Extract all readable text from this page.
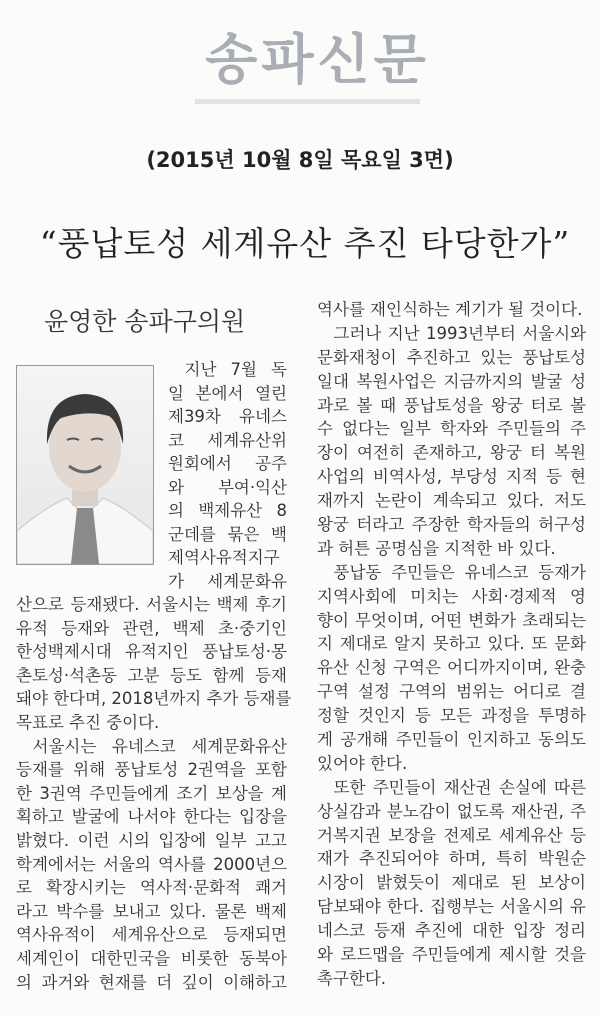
송파신문
(2015년 10월 8일 목요일 3면)
“풍납토성 세계유산 추진 타당한가”
윤영한 송파구의원
지난 7월 독
일 본에서 열린
제39차 유네스
코 세계유산위
원회에서 공주
와 부여·익산
의 백제유산 8
군데를 묶은 백
제역사유적지구
가 세계문화유
산으로 등재됐다. 서울시는 백제 후기
유적 등재와 관련, 백제 초·중기인
한성백제시대 유적지인 풍납토성·몽
촌토성·석촌동 고분 등도 함께 등재
돼야 한다며, 2018년까지 추가 등재를
목표로 추진 중이다.
서울시는 유네스코 세계문화유산
등재를 위해 풍납토성 2권역을 포함
한 3권역 주민들에게 조기 보상을 계
획하고 발굴에 나서야 한다는 입장을
밝혔다. 이런 시의 입장에 일부 고고
학계에서는 서울의 역사를 2000년으
로 확장시키는 역사적·문화적 쾌거
라고 박수를 보내고 있다. 물론 백제
역사유적이 세계유산으로 등재되면
세계인이 대한민국을 비롯한 동북아
의 과거와 현재를 더 깊이 이해하고
역사를 재인식하는 계기가 될 것이다.
그러나 지난 1993년부터 서울시와
문화재청이 추진하고 있는 풍납토성
일대 복원사업은 지금까지의 발굴 성
과로 볼 때 풍납토성을 왕궁 터로 볼
수 없다는 일부 학자와 주민들의 주
장이 여전히 존재하고, 왕궁 터 복원
사업의 비역사성, 부당성 지적 등 현
재까지 논란이 계속되고 있다. 저도
왕궁 터라고 주장한 학자들의 허구성
과 허튼 공명심을 지적한 바 있다.
풍납동 주민들은 유네스코 등재가
지역사회에 미치는 사회·경제적 영
향이 무엇이며, 어떤 변화가 초래되는
지 제대로 알지 못하고 있다. 또 문화
유산 신청 구역은 어디까지이며, 완충
구역 설정 구역의 범위는 어디로 결
정할 것인지 등 모든 과정을 투명하
게 공개해 주민들이 인지하고 동의도
있어야 한다.
또한 주민들이 재산권 손실에 따른
상실감과 분노감이 없도록 재산권, 주
거복지권 보장을 전제로 세계유산 등
재가 추진되어야 하며, 특히 박원순
시장이 밝혔듯이 제대로 된 보상이
담보돼야 한다. 집행부는 서울시의 유
네스코 등재 추진에 대한 입장 정리
와 로드맵을 주민들에게 제시할 것을
촉구한다.
